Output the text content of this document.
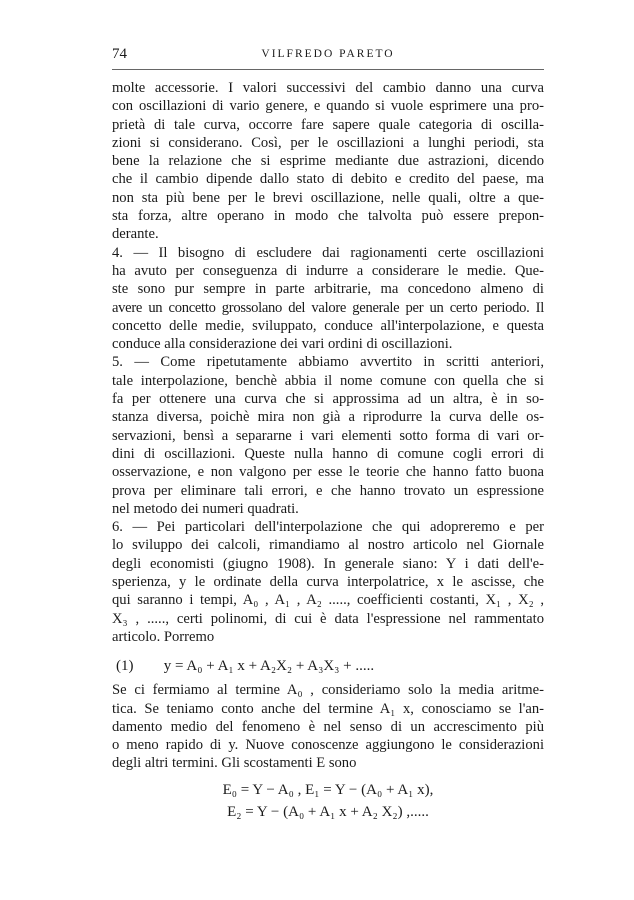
74	VILFREDO PARETO
molte accessorie. I valori successivi del cambio danno una curva
con oscillazioni di vario genere, e quando si vuole esprimere una pro-
prietà di tale curva, occorre fare sapere quale categoria di oscilla-
zioni si considerano. Così, per le oscillazioni a lunghi periodi, sta
bene la relazione che si esprime mediante due astrazioni, dicendo
che il cambio dipende dallo stato di debito e credito del paese, ma
non sta più bene per le brevi oscillazione, nelle quali, oltre a que-
sta forza, altre operano in modo che talvolta può essere prepon-
derante.
4. — Il bisogno di escludere dai ragionamenti certe oscillazioni
ha avuto per conseguenza di indurre a considerare le medie. Que-
ste sono pur sempre in parte arbitrarie, ma concedono almeno di
avere un concetto grossolano del valore generale per un certo periodo. Il
concetto delle medie, sviluppato, conduce all'interpolazione, e questa
conduce alla considerazione dei vari ordini di oscillazioni.
5. — Come ripetutamente abbiamo avvertito in scritti anteriori,
tale interpolazione, benchè abbia il nome comune con quella che si
fa per ottenere una curva che si approssima ad un altra, è in so-
stanza diversa, poichè mira non già a riprodurre la curva delle os-
servazioni, bensì a separarne i vari elementi sotto forma di vari or-
dini di oscillazioni. Queste nulla hanno di comune cogli errori di
osservazione, e non valgono per esse le teorie che hanno fatto buona
prova per eliminare tali errori, e che hanno trovato un espressione
nel metodo dei numeri quadrati.
6. — Pei particolari dell'interpolazione che qui adopreremo e per
lo sviluppo dei calcoli, rimandiamo al nostro articolo nel Giornale
degli economisti (giugno 1908). In generale siano: Y i dati dell'e-
sperienza, y le ordinate della curva interpolatrice, x le ascisse, che
qui saranno i tempi, A₀ , A₁ , A₂ ....., coefficienti costanti, X₁ , X₂ ,
X₃ , ....., certi polinomi, di cui è data l'espressione nel rammentato
articolo. Porremo
(1) y = A₀ + A₁ x + A₂X₂ + A₃X₃ + .....
Se ci fermiamo al termine A₀ , consideriamo solo la media aritme-
tica. Se teniamo conto anche del termine A₁ x, conosciamo se l'an-
damento medio del fenomeno è nel senso di un accrescimento più
o meno rapido di y. Nuove conoscenze aggiungono le considerazioni
degli altri termini. Gli scostamenti E sono
E₀ = Y − A₀ , E₁ = Y − (A₀ + A₁ x),
E₂ = Y − (A₀ + A₁ x + A₂ X₂) ,.....
